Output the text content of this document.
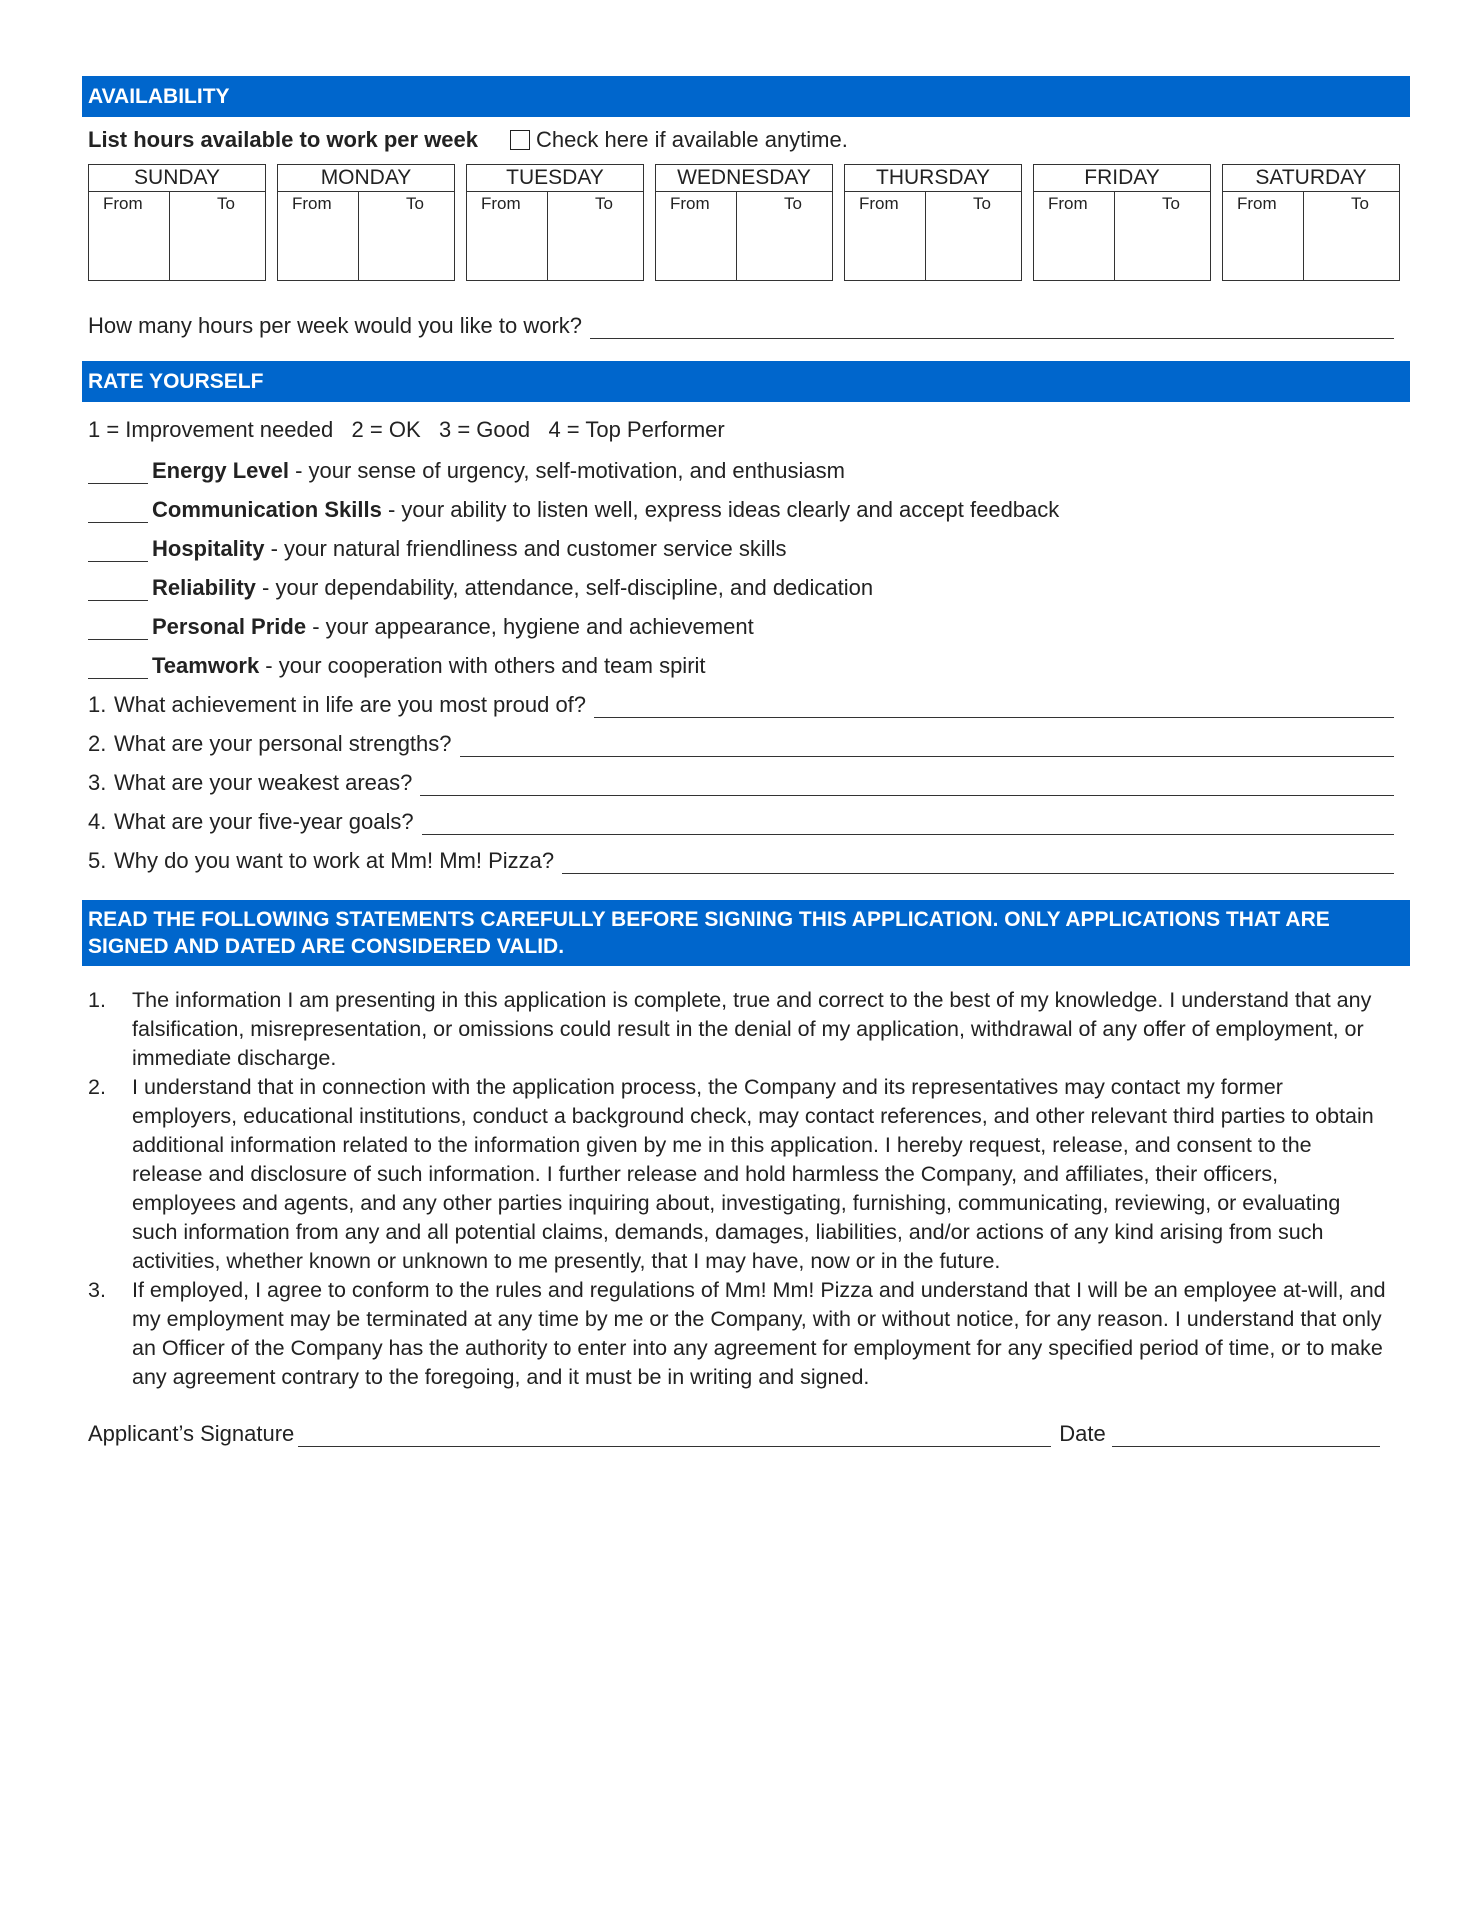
AVAILABILITY
List hours available to work per week	Check here if available anytime.
SUNDAY
From	To
MONDAY
From	To
TUESDAY
From	To
WEDNESDAY
From	To
THURSDAY
From	To
FRIDAY
From	To
SATURDAY
From	To
How many hours per week would you like to work?
RATE YOURSELF
1 = Improvement needed   2 = OK   3 = Good   4 = Top Performer
Energy Level - your sense of urgency, self-motivation, and enthusiasm
Communication Skills - your ability to listen well, express ideas clearly and accept feedback
Hospitality - your natural friendliness and customer service skills
Reliability - your dependability, attendance, self-discipline, and dedication
Personal Pride - your appearance, hygiene and achievement
Teamwork - your cooperation with others and team spirit
1. What achievement in life are you most proud of?
2. What are your personal strengths?
3. What are your weakest areas?
4. What are your five-year goals?
5. Why do you want to work at Mm! Mm! Pizza?
READ THE FOLLOWING STATEMENTS CAREFULLY BEFORE SIGNING THIS APPLICATION. ONLY APPLICATIONS THAT ARE SIGNED AND DATED ARE CONSIDERED VALID.
1.	The information I am presenting in this application is complete, true and correct to the best of my knowledge. I understand that any falsification, misrepresentation, or omissions could result in the denial of my application, withdrawal of any offer of employment, or immediate discharge.
2.	I understand that in connection with the application process, the Company and its representatives may contact my former employers, educational institutions, conduct a background check, may contact references, and other relevant third parties to obtain additional information related to the information given by me in this application. I hereby request, release, and consent to the release and disclosure of such information. I further release and hold harmless the Company, and affiliates, their officers, employees and agents, and any other parties inquiring about, investigating, furnishing, communicating, reviewing, or evaluating such information from any and all potential claims, demands, damages, liabilities, and/or actions of any kind arising from such activities, whether known or unknown to me presently, that I may have, now or in the future.
3.	If employed, I agree to conform to the rules and regulations of Mm! Mm! Pizza and understand that I will be an employee at-will, and my employment may be terminated at any time by me or the Company, with or without notice, for any reason. I understand that only an Officer of the Company has the authority to enter into any agreement for employment for any specified period of time, or to make any agreement contrary to the foregoing, and it must be in writing and signed.
Applicant’s Signature	Date
